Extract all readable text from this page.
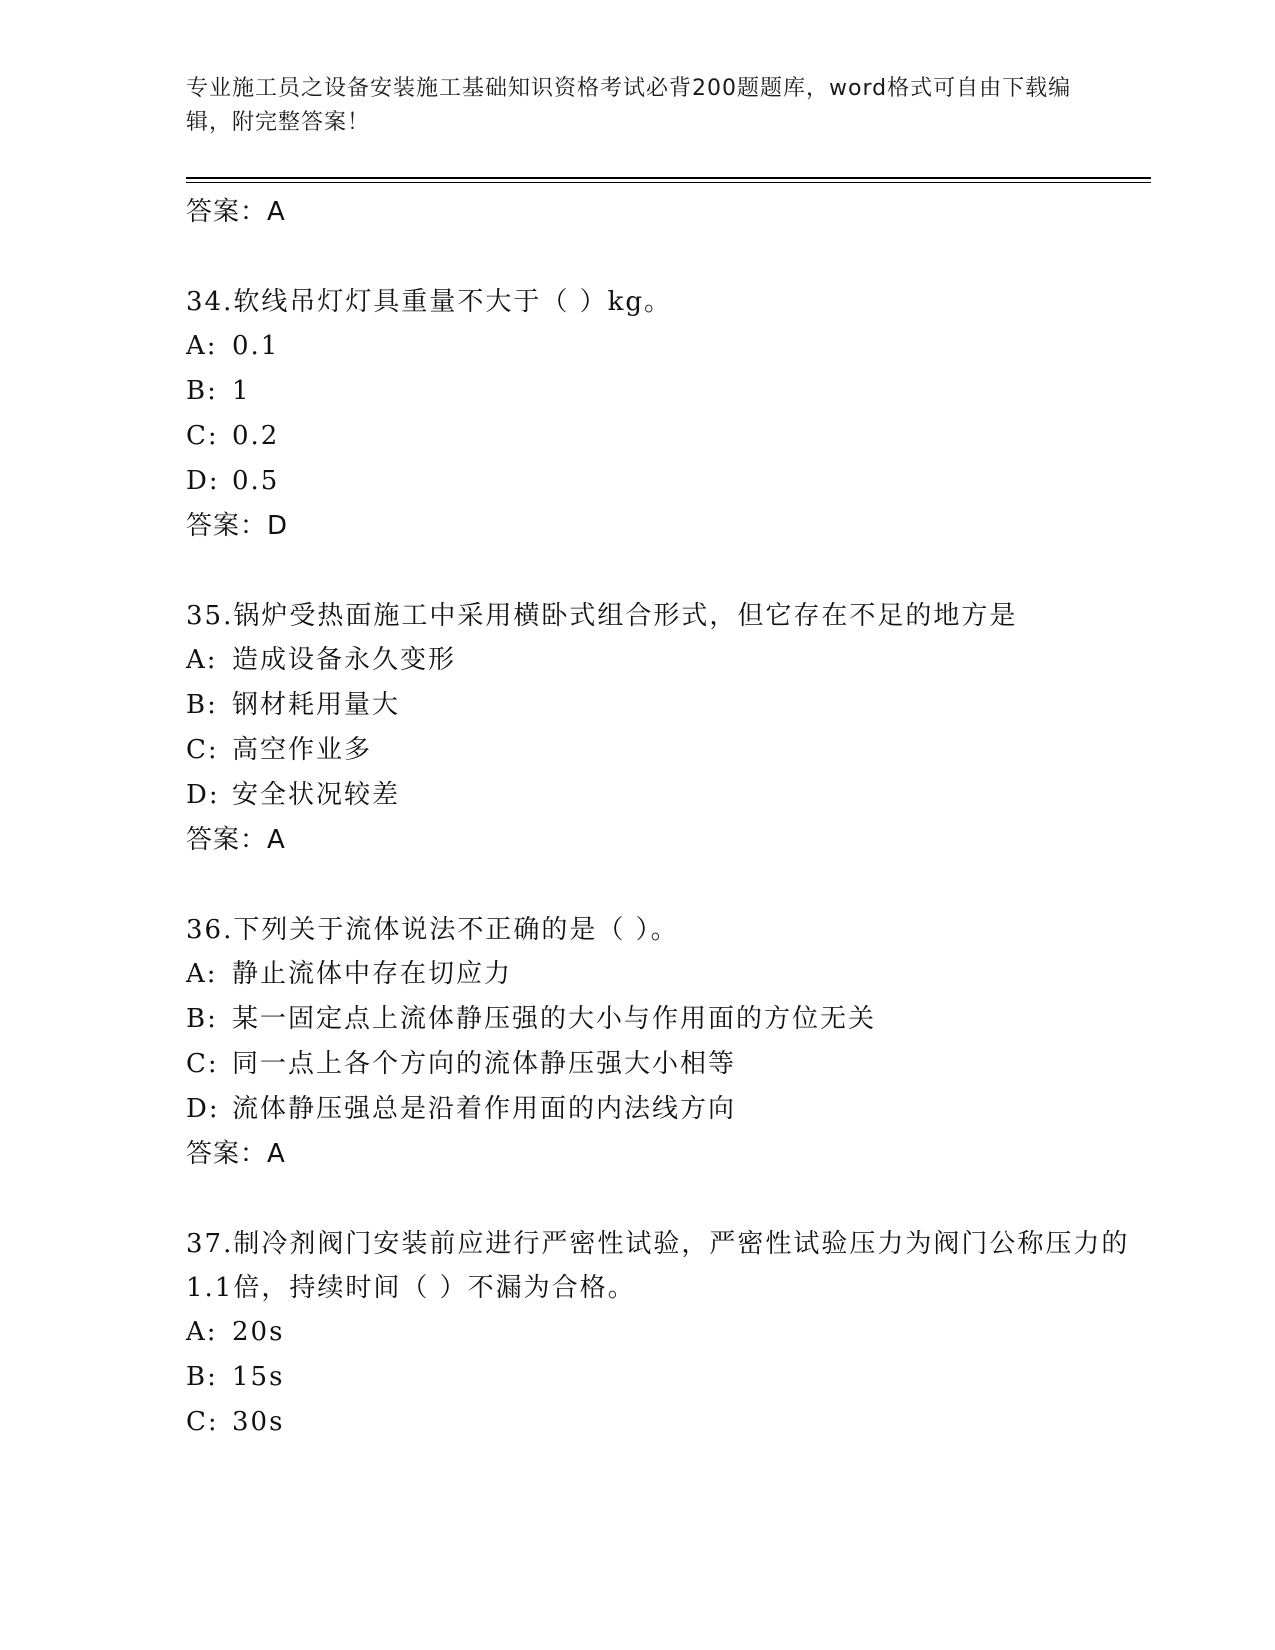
专业施工员之设备安装施工基础知识资格考试必背200题题库，word格式可自由下载编辑，附完整答案！
答案：A
34.软线吊灯灯具重量不大于（ ）kg。
A: 0.1
B: 1
C: 0.2
D: 0.5
答案：D
35.锅炉受热面施工中采用横卧式组合形式，但它存在不足的地方是
A: 造成设备永久变形
B: 钢材耗用量大
C: 高空作业多
D: 安全状况较差
答案：A
36.下列关于流体说法不正确的是（ ）。
A: 静止流体中存在切应力
B: 某一固定点上流体静压强的大小与作用面的方位无关
C: 同一点上各个方向的流体静压强大小相等
D: 流体静压强总是沿着作用面的内法线方向
答案：A
37.制冷剂阀门安装前应进行严密性试验，严密性试验压力为阀门公称压力的1.1倍，持续时间（ ）不漏为合格。
A: 20s
B: 15s
C: 30s
